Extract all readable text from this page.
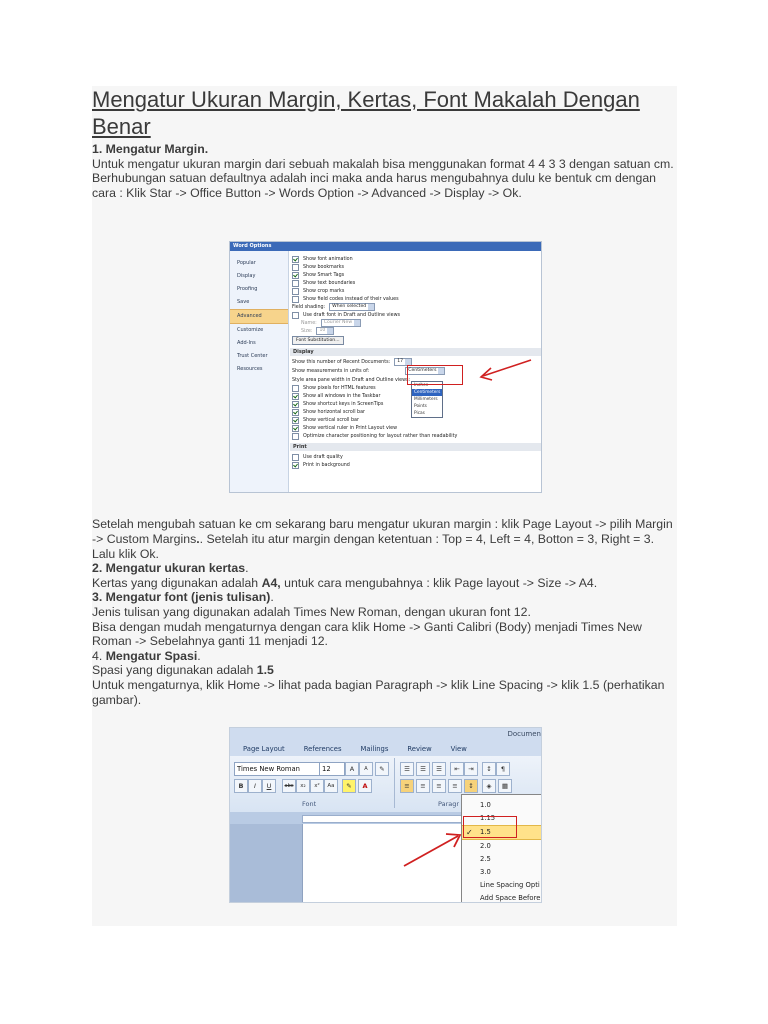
Mengatur Ukuran Margin, Kertas, Font Makalah Dengan Benar

1. Mengatur Margin.

Untuk mengatur ukuran margin dari sebuah makalah bisa menggunakan format 4 4 3 3 dengan satuan cm. Berhubungan satuan defaultnya adalah inci maka anda harus mengubahnya dulu ke bentuk cm dengan cara : Klik Star -> Office Button -> Words Option -> Advanced -> Display -> Ok.

Setelah mengubah satuan ke cm sekarang baru mengatur ukuran margin : klik Page Layout -> pilih Margin -> Custom Margins.. Setelah itu atur margin dengan ketentuan : Top = 4, Left = 4, Botton = 3, Right = 3. Lalu klik Ok.

2. Mengatur ukuran kertas.

Kertas yang digunakan adalah A4, untuk cara mengubahnya : klik Page layout -> Size -> A4.

3. Mengatur font (jenis tulisan).

Jenis tulisan yang digunakan adalah Times New Roman, dengan ukuran font 12.

Bisa dengan mudah mengaturnya dengan cara klik Home -> Ganti Calibri (Body) menjadi Times New Roman -> Sebelahnya ganti 11 menjadi 12.

4. Mengatur Spasi.

Spasi yang digunakan adalah 1.5

Untuk mengaturnya, klik Home -> lihat pada bagian Paragraph -> klik Line Spacing -> klik 1.5 (perhatikan gambar).

Word Options
Popular
Display
Proofing
Save
Advanced
Customize
Add-Ins
Trust Center
Resources
Show font animation
Show bookmarks
Show Smart Tags
Show text boundaries
Show crop marks
Show field codes instead of their values
Field shading:	When selected
Use draft font in Draft and Outline views
Name:	Courier New
Size:	10
Font Substitution...
Display
Show this number of Recent Documents:	17
Show measurements in units of:	Centimeters
Style area pane width in Draft and Outline views:
Show pixels for HTML features
Show all windows in the Taskbar
Show shortcut keys in ScreenTips
Show horizontal scroll bar
Show vertical scroll bar
Show vertical ruler in Print Layout view
Optimize character positioning for layout rather than readability
Print
Use draft quality
Print in background
Inches
Centimeters
Millimeters
Points
Picas
Documen
Page Layout	References	Mailings	Review	View
Times New Roman	12	A	A	✎
B	I	U	abc	x₂	x²	Aa	✎	A
Font
☰	☰	☰	⇤	⇥	↕	¶
≡	≡	≡	≡	↕	◈	▦
Paragr	1.0
1.15
✓ 1.5
2.0
2.5
3.0
Line Spacing Opti
Add Space Before
